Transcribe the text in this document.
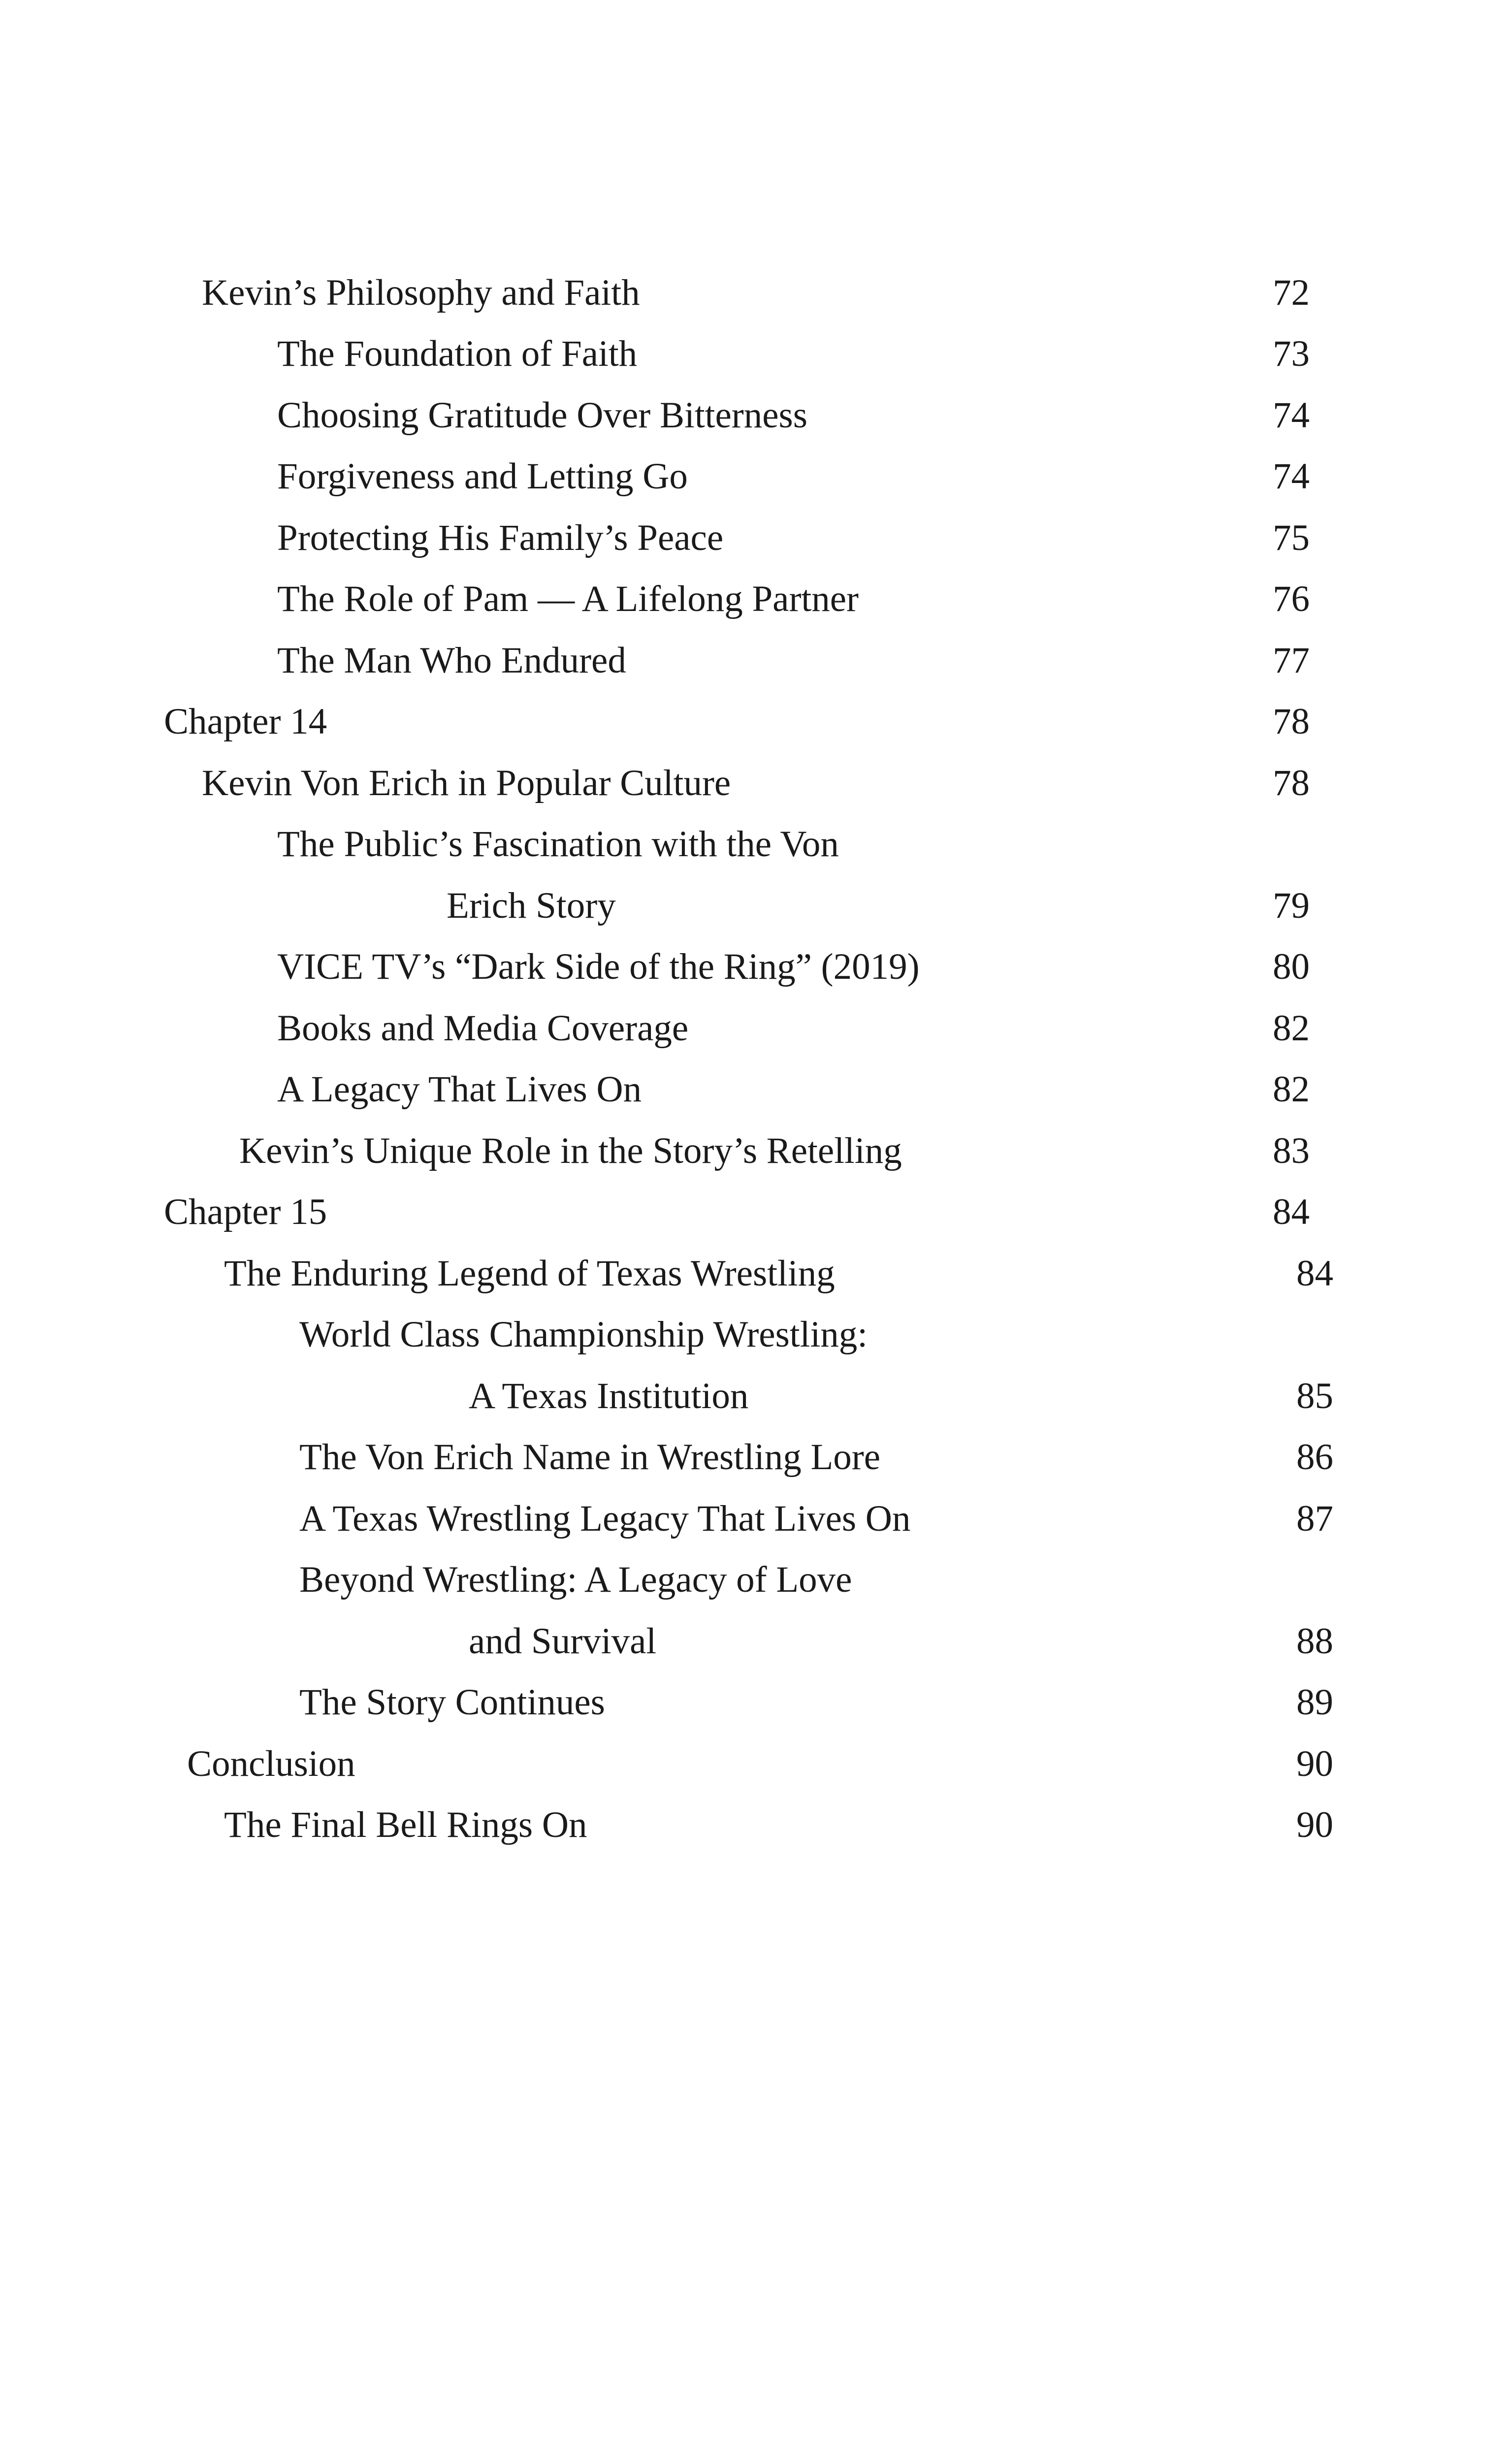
Kevin’s Philosophy and Faith	72
The Foundation of Faith	73
Choosing Gratitude Over Bitterness	74
Forgiveness and Letting Go	74
Protecting His Family’s Peace	75
The Role of Pam — A Lifelong Partner	76
The Man Who Endured	77
Chapter 14	78
Kevin Von Erich in Popular Culture	78
The Public’s Fascination with the Von
Erich Story	79
VICE TV’s “Dark Side of the Ring” (2019)	80
Books and Media Coverage	82
A Legacy That Lives On	82
Kevin’s Unique Role in the Story’s Retelling	83
Chapter 15	84
The Enduring Legend of Texas Wrestling	84
World Class Championship Wrestling:
A Texas Institution	85
The Von Erich Name in Wrestling Lore	86
A Texas Wrestling Legacy That Lives On	87
Beyond Wrestling: A Legacy of Love
and Survival	88
The Story Continues	89
Conclusion	90
The Final Bell Rings On	90
